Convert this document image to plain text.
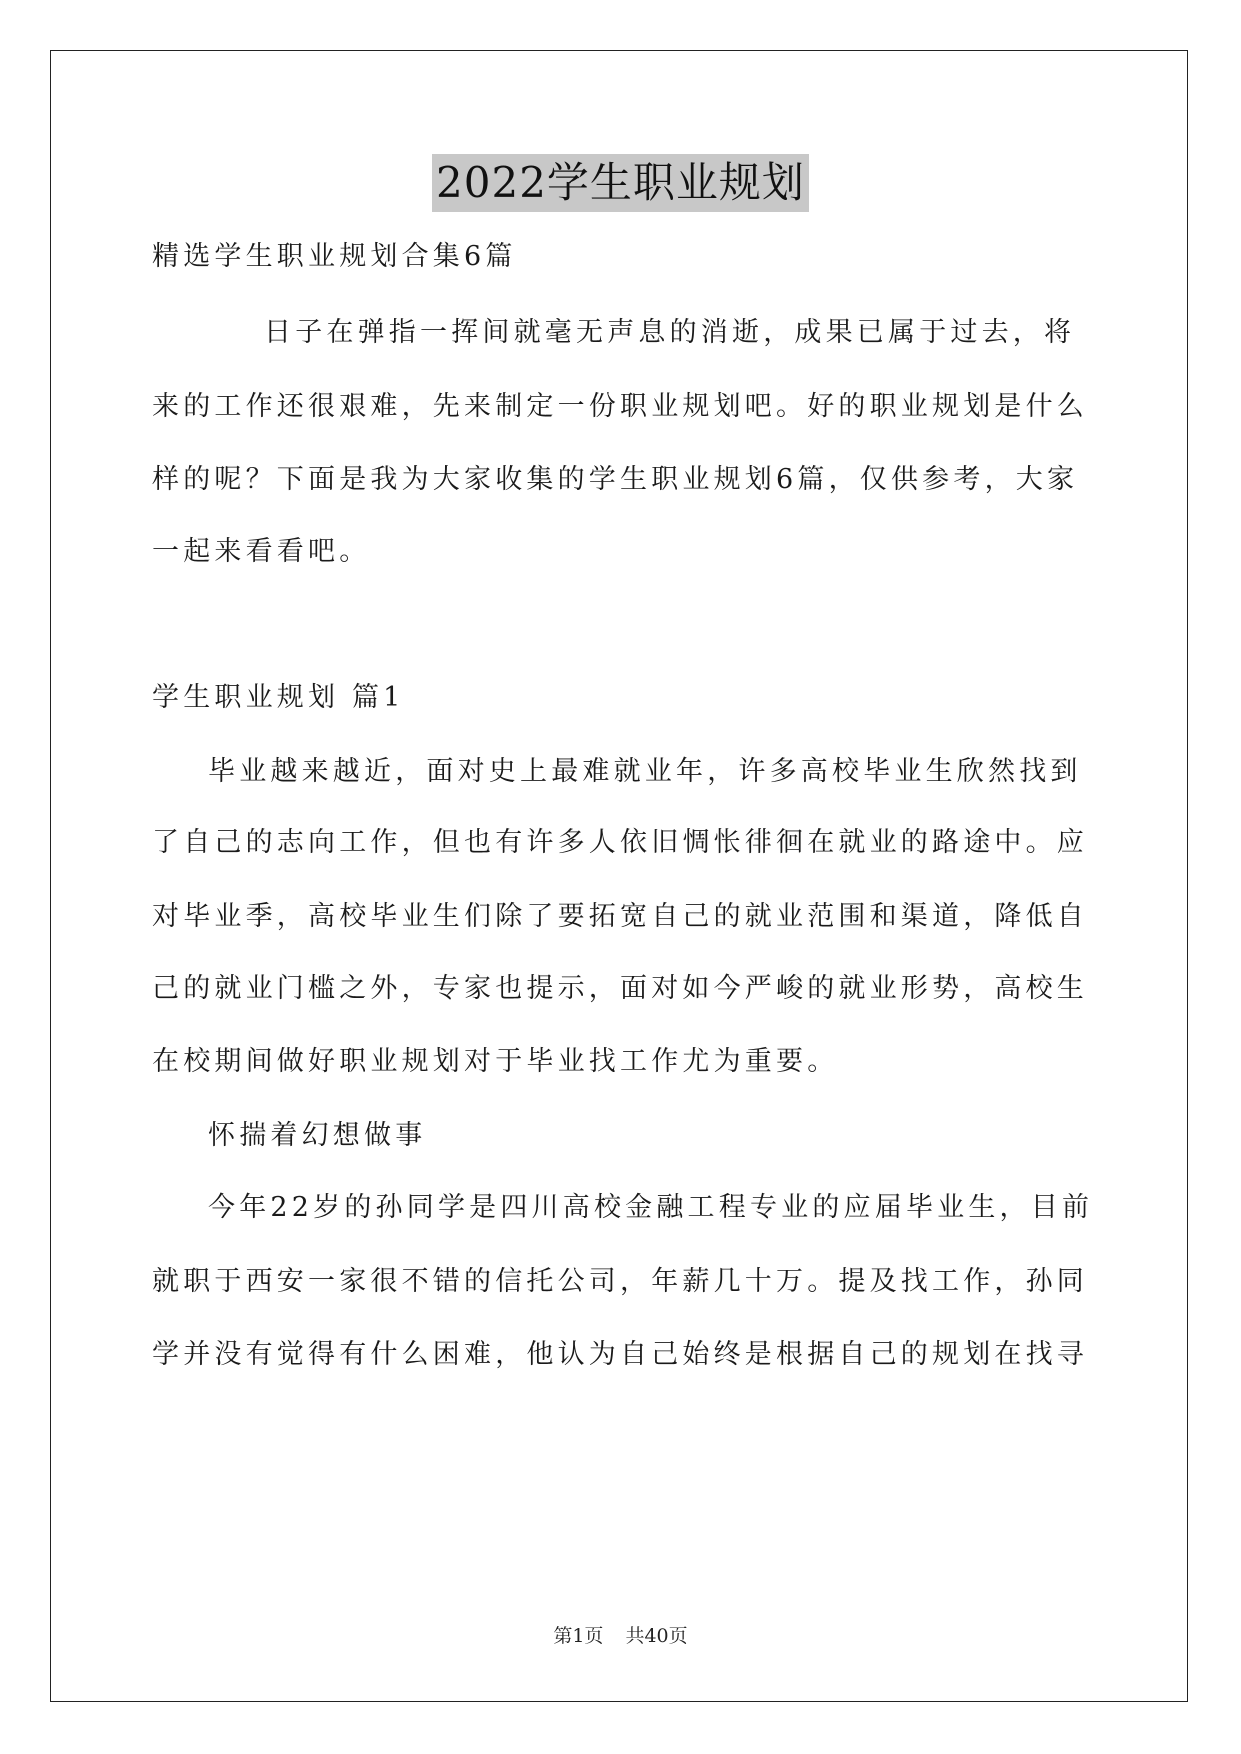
2022学生职业规划
精选学生职业规划合集6篇
日子在弹指一挥间就毫无声息的消逝，成果已属于过去，将
来的工作还很艰难，先来制定一份职业规划吧。好的职业规划是什么
样的呢？下面是我为大家收集的学生职业规划6篇，仅供参考，大家
一起来看看吧。
学生职业规划 篇1
毕业越来越近，面对史上最难就业年，许多高校毕业生欣然找到
了自己的志向工作，但也有许多人依旧惆怅徘徊在就业的路途中。应
对毕业季，高校毕业生们除了要拓宽自己的就业范围和渠道，降低自
己的就业门槛之外，专家也提示，面对如今严峻的就业形势，高校生
在校期间做好职业规划对于毕业找工作尤为重要。
怀揣着幻想做事
今年22岁的孙同学是四川高校金融工程专业的应届毕业生，目前
就职于西安一家很不错的信托公司，年薪几十万。提及找工作，孙同
学并没有觉得有什么困难，他认为自己始终是根据自己的规划在找寻
第1页 共40页
